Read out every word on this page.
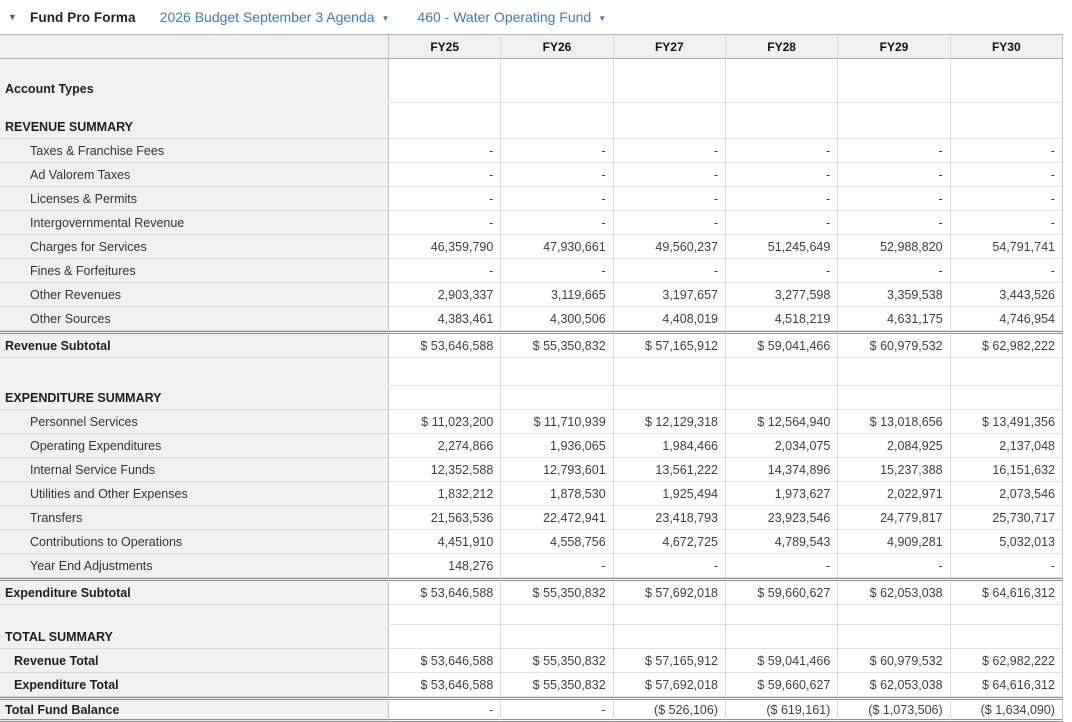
▼ Fund Pro Forma 2026 Budget September 3 Agenda ▼ 460 - Water Operating Fund ▼
FY25	FY26	FY27	FY28	FY29	FY30
Account Types
REVENUE SUMMARY
Taxes & Franchise Fees	-	-	-	-	-	-
Ad Valorem Taxes	-	-	-	-	-	-
Licenses & Permits	-	-	-	-	-	-
Intergovernmental Revenue	-	-	-	-	-	-
Charges for Services	46,359,790	47,930,661	49,560,237	51,245,649	52,988,820	54,791,741
Fines & Forfeitures	-	-	-	-	-	-
Other Revenues	2,903,337	3,119,665	3,197,657	3,277,598	3,359,538	3,443,526
Other Sources	4,383,461	4,300,506	4,408,019	4,518,219	4,631,175	4,746,954
Revenue Subtotal	$ 53,646,588	$ 55,350,832	$ 57,165,912	$ 59,041,466	$ 60,979,532	$ 62,982,222
EXPENDITURE SUMMARY
Personnel Services	$ 11,023,200	$ 11,710,939	$ 12,129,318	$ 12,564,940	$ 13,018,656	$ 13,491,356
Operating Expenditures	2,274,866	1,936,065	1,984,466	2,034,075	2,084,925	2,137,048
Internal Service Funds	12,352,588	12,793,601	13,561,222	14,374,896	15,237,388	16,151,632
Utilities and Other Expenses	1,832,212	1,878,530	1,925,494	1,973,627	2,022,971	2,073,546
Transfers	21,563,536	22,472,941	23,418,793	23,923,546	24,779,817	25,730,717
Contributions to Operations	4,451,910	4,558,756	4,672,725	4,789,543	4,909,281	5,032,013
Year End Adjustments	148,276	-	-	-	-	-
Expenditure Subtotal	$ 53,646,588	$ 55,350,832	$ 57,692,018	$ 59,660,627	$ 62,053,038	$ 64,616,312
TOTAL SUMMARY
Revenue Total	$ 53,646,588	$ 55,350,832	$ 57,165,912	$ 59,041,466	$ 60,979,532	$ 62,982,222
Expenditure Total	$ 53,646,588	$ 55,350,832	$ 57,692,018	$ 59,660,627	$ 62,053,038	$ 64,616,312
Total Fund Balance	-	-	($ 526,106)	($ 619,161)	($ 1,073,506)	($ 1,634,090)
